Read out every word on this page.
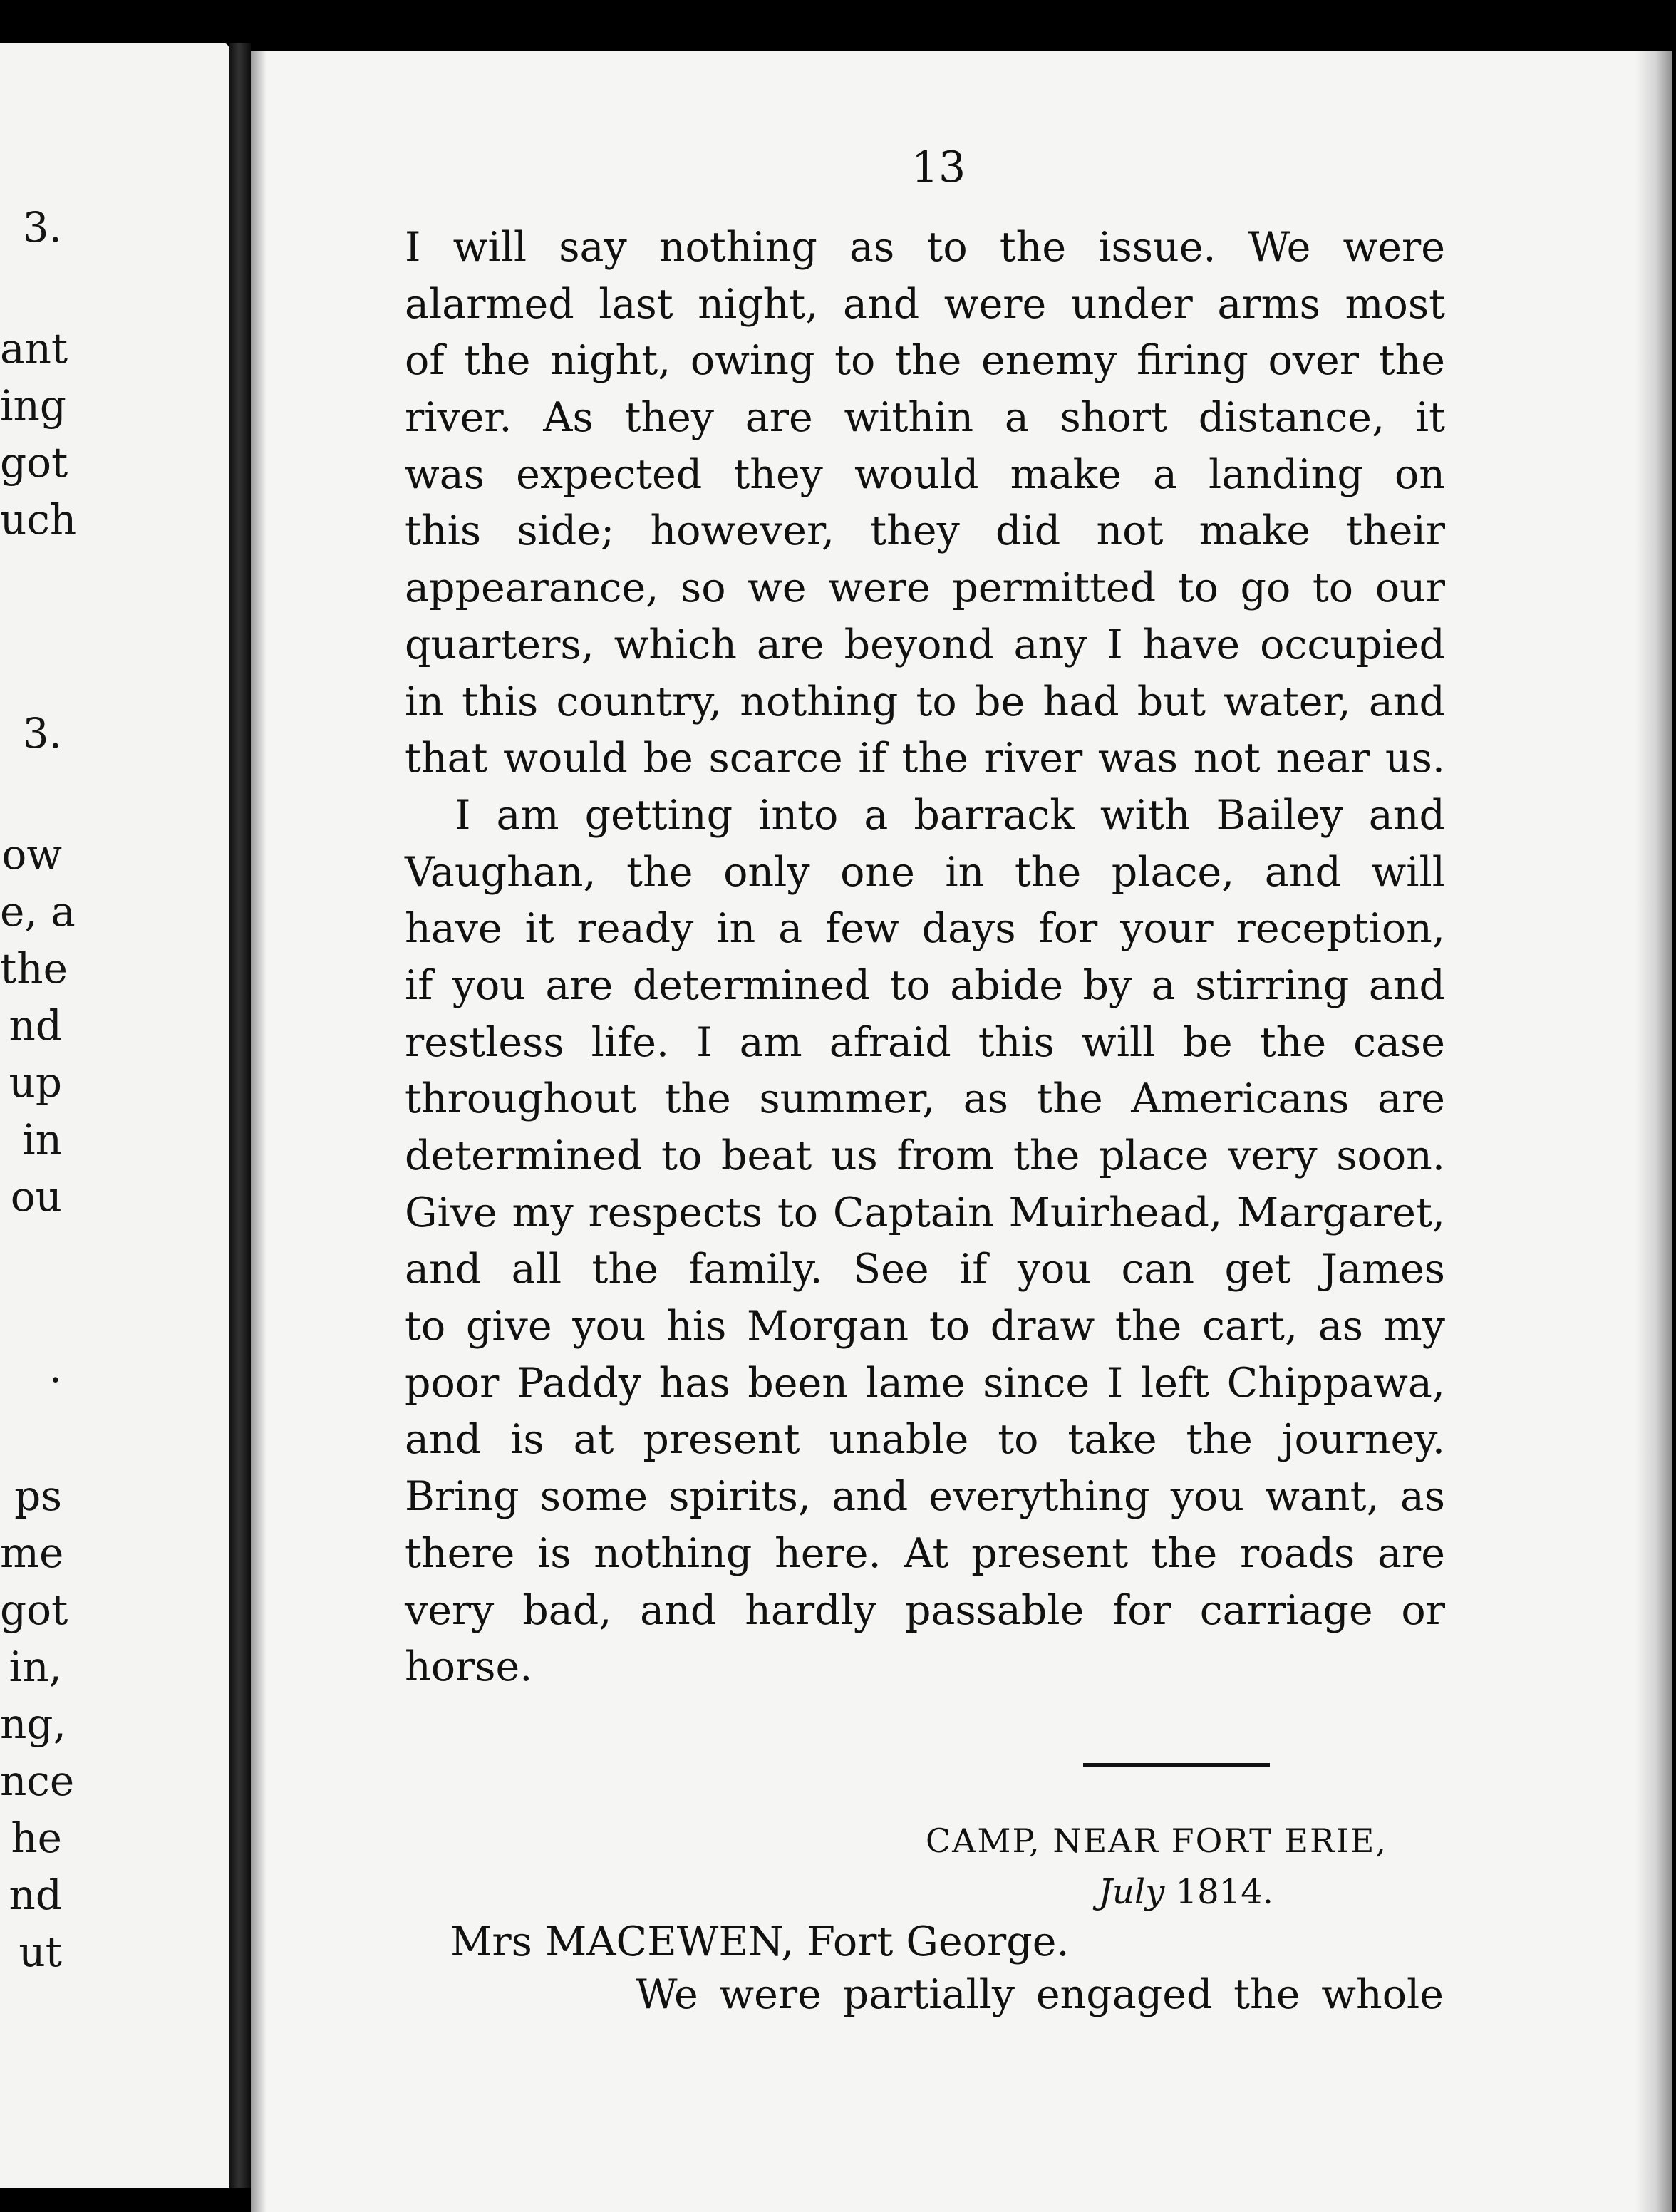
3.
ant
ing
got
uch
3.
ow
e, a
the
nd
up
in
ou
.
ps
me
got
in,
ng,
nce
he
nd
ut
13
I will say nothing as to the issue. We were
alarmed last night, and were under arms most
of the night, owing to the enemy firing over the
river. As they are within a short distance, it
was expected they would make a landing on
this side; however, they did not make their
appearance, so we were permitted to go to our
quarters, which are beyond any I have occupied
in this country, nothing to be had but water, and
that would be scarce if the river was not near us.
I am getting into a barrack with Bailey and
Vaughan, the only one in the place, and will
have it ready in a few days for your reception,
if you are determined to abide by a stirring and
restless life. I am afraid this will be the case
throughout the summer, as the Americans are
determined to beat us from the place very soon.
Give my respects to Captain Muirhead, Margaret,
and all the family. See if you can get James
to give you his Morgan to draw the cart, as my
poor Paddy has been lame since I left Chippawa,
and is at present unable to take the journey.
Bring some spirits, and everything you want, as
there is nothing here. At present the roads are
very bad, and hardly passable for carriage or
horse.
CAMP, NEAR FORT ERIE,
July 1814.
Mrs MACEWEN, Fort George.
We were partially engaged the whole
